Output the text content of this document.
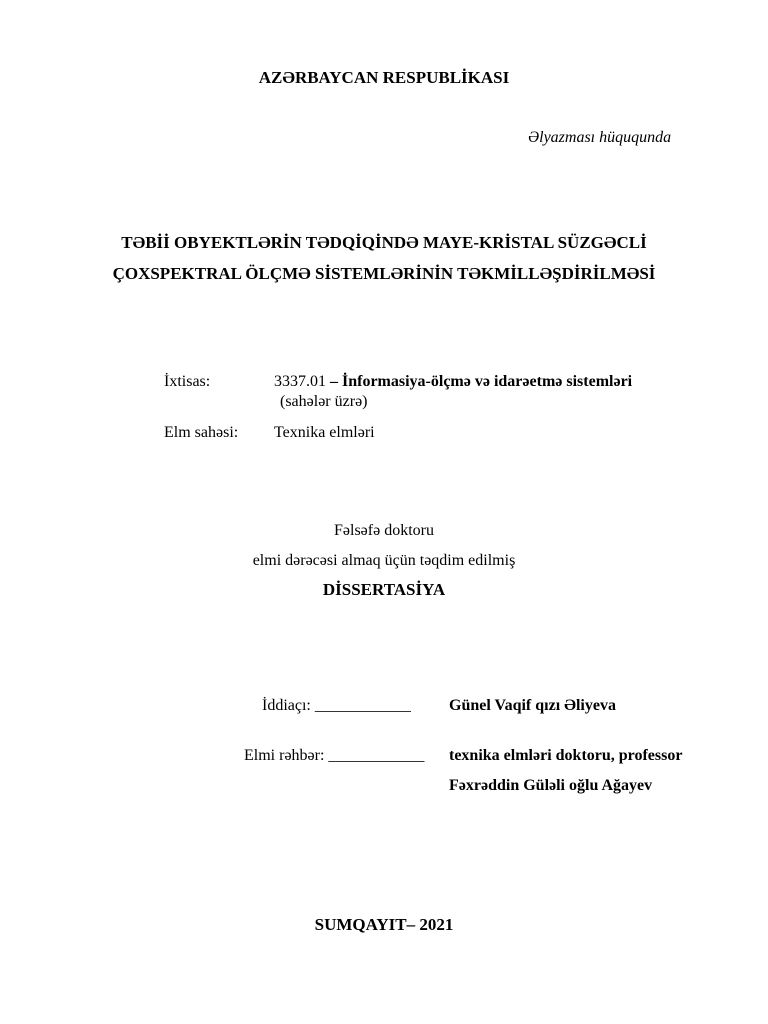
AZƏRBAYCAN RESPUBLİKASI
Əlyazması hüququnda
TƏBİİ OBYEKTLƏRİN TƏDQİQİNDƏ MAYE-KRİSTAL SÜZGƏCLİ
ÇOXSPEKTRAL ÖLÇMƏ SİSTEMLƏRİNİN TƏKMİLLƏŞDİRİLMƏSİ
İxtisas:	3337.01 – İnformasiya-ölçmə və idarəetmə sistemləri
(sahələr üzrə)
Elm sahəsi: Texnika elmləri
Fəlsəfə doktoru
elmi dərəcəsi almaq üçün təqdim edilmiş
DİSSERTASİYA
İddiaçı: ____________ Günel Vaqif qızı Əliyeva
Elmi rəhbər: ____________ texnika elmləri doktoru, professor
Fəxrəddin Güləli oğlu Ağayev
SUMQAYIT– 2021
